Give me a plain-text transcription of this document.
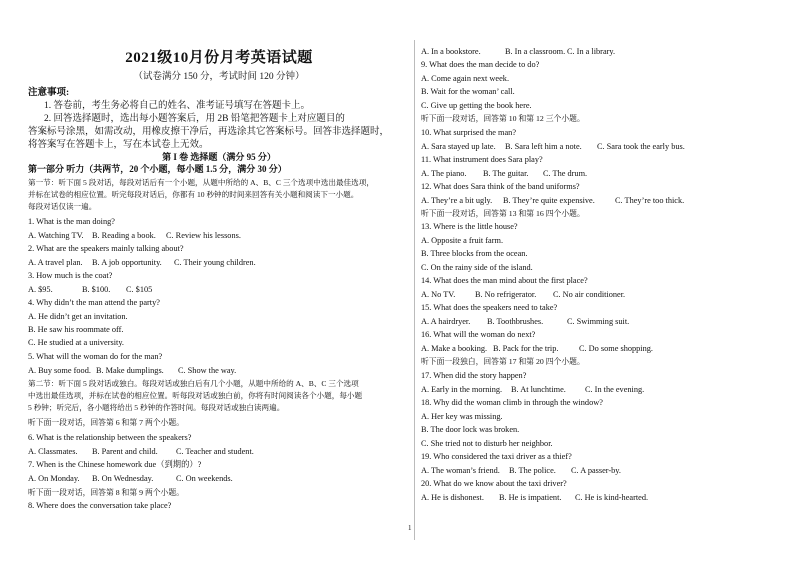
2021级10月份月考英语试题
（试卷满分 150 分，考试时间 120 分钟）
注意事项:
1. 答卷前，考生务必将自己的姓名、准考证号填写在答题卡上。
2. 回答选择题时，选出每小题答案后，用 2B 铅笔把答题卡上对应题目的
答案标号涂黑，如需改动，用橡皮擦干净后，再选涂其它答案标号。回答非选择题时，
将答案写在答题卡上，写在本试卷上无效。
第 I 卷 选择题（满分 95 分）
第一部分 听力（共两节，20 个小题，每小题 1.5 分，满分 30 分）
第一节：听下面 5 段对话，每段对话后有一个小题，从题中所给的 A、B、C 三个选项中选出最佳选项，
并标在试卷的相应位置。听完每段对话后，你都有 10 秒钟的时间来回答有关小题和阅读下一小题。
每段对话仅读一遍。
1. What is the man doing?
A. Watching TV. B. Reading a book. C. Review his lessons.
2. What are the speakers mainly talking about?
A. A travel plan. B. A job opportunity. C. Their young children.
3. How much is the coat?
A. $95.	B. $100. C. $105
4. Why didn’t the man attend the party?
A. He didn’t get an invitation.
B. He saw his roommate off.
C. He studied at a university.
5. What will the woman do for the man?
A. Buy some food. B. Make dumplings. C. Show the way.
第二节：听下面 5 段对话或独白。每段对话或独白后有几个小题，从题中所给的 A、B、C 三个选项
中选出最佳选项，并标在试卷的相应位置。听每段对话或独白前，你将有时间阅读各个小题，每小题
5 秒钟；听完后，各小题将给出 5 秒钟的作答时间。每段对话或独白读两遍。
听下面一段对话，回答第 6 和第 7 两个小题。
6. What is the relationship between the speakers?
A. Classmates. B. Parent and child. C. Teacher and student.
7. When is the Chinese homework due（到期的）?
A. On Monday. B. On Wednesday.	C. On weekends.
听下面一段对话，回答第 8 和第 9 两个小题。
8. Where does the conversation take place?
A. In a bookstore.	B. In a classroom. C. In a library.
9. What does the man decide to do?
A. Come again next week.
B. Wait for the woman’ call.
C. Give up getting the book here.
听下面一段对话，回答第 10 和第 12 三个小题。
10. What surprised the man?
A. Sara stayed up late. B. Sara left him a note. C. Sara took the early bus.
11. What instrument does Sara play?
A. The piano. B. The guitar. C. The drum.
12. What does Sara think of the band uniforms?
A. They’re a bit ugly. B. They’re quite expensive. C. They’re too thick.
听下面一段对话，回答第 13 和第 16 四个小题。
13. Where is the little house?
A. Opposite a fruit farm.
B. Three blocks from the ocean.
C. On the rainy side of the island.
14. What does the man mind about the first place?
A. No TV. B. No refrigerator. C. No air conditioner.
15. What does the speakers need to take?
A. A hairdryer. B. Toothbrushes.	C. Swimming suit.
16. What will the woman do next?
A. Make a booking. B. Pack for the trip. C. Do some shopping.
听下面一段独白，回答第 17 和第 20 四个小题。
17. When did the story happen?
A. Early in the morning. B. At lunchtime. C. In the evening.
18. Why did the woman climb in through the window?
A. Her key was missing.
B. The door lock was broken.
C. She tried not to disturb her neighbor.
19. Who considered the taxi driver as a thief?
A. The woman’s friend. B. The police. C. A passer-by.
20. What do we know about the taxi driver?
A. He is dishonest. B. He is impatient. C. He is kind-hearted.
1
